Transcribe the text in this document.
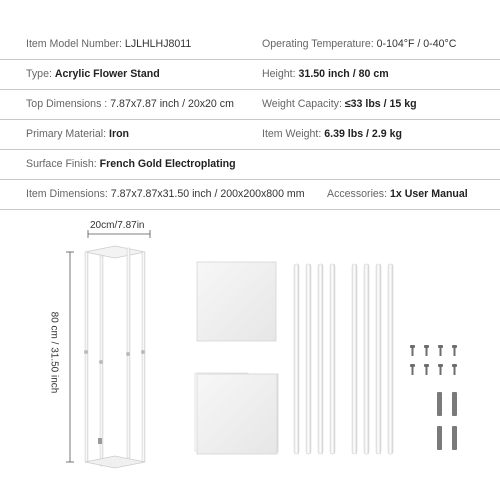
Item Model Number: LJLHLHJ8011	Operating Temperature: 0-104°F / 0-40°C
Type: Acrylic Flower Stand	Height: 31.50 inch / 80 cm
Top Dimensions : 7.87x7.87 inch / 20x20 cm	Weight Capacity: ≤33 lbs / 15 kg
Primary Material: Iron	Item Weight: 6.39 lbs / 2.9 kg
Surface Finish: French Gold Electroplating
Item Dimensions: 7.87x7.87x31.50 inch / 200x200x800 mm Accessories: 1x User Manual
20cm/7.87in
80 cm / 31.50 inch
